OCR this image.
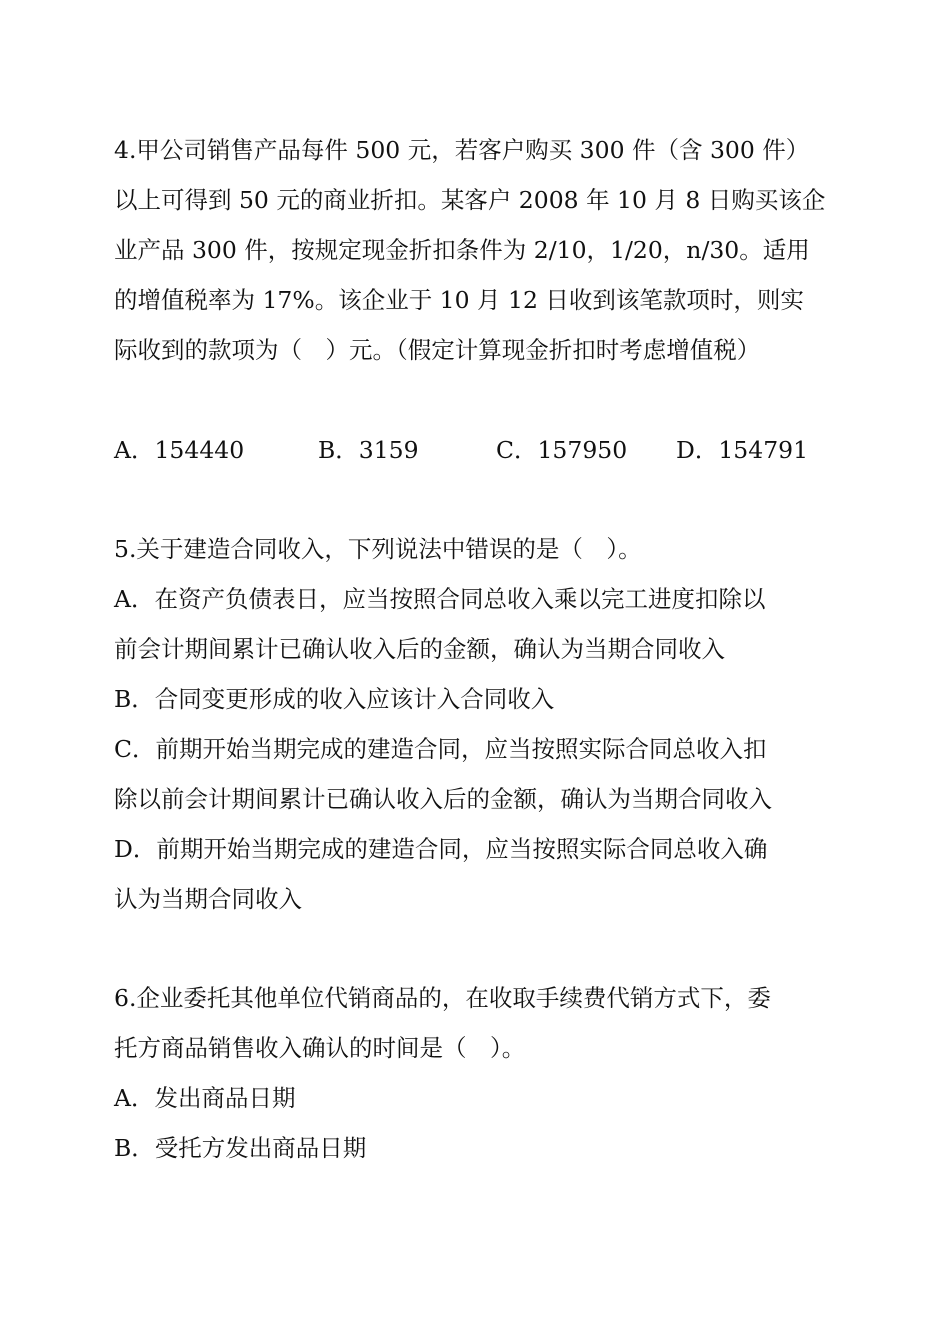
4.甲公司销售产品每件 500 元，若客户购买 300 件（含 300 件）
以上可得到 50 元的商业折扣。某客户 2008 年 10 月 8 日购买该企
业产品 300 件，按规定现金折扣条件为 2/10，1/20，n/30。适用
的增值税率为 17%。该企业于 10 月 12 日收到该笔款项时，则实
际收到的款项为（　）元。（假定计算现金折扣时考虑增值税）
A．154440	B．3159	C．157950 D．154791
5.关于建造合同收入，下列说法中错误的是（　）。
A．在资产负债表日，应当按照合同总收入乘以完工进度扣除以
前会计期间累计已确认收入后的金额，确认为当期合同收入
B．合同变更形成的收入应该计入合同收入
C．前期开始当期完成的建造合同，应当按照实际合同总收入扣
除以前会计期间累计已确认收入后的金额，确认为当期合同收入
D．前期开始当期完成的建造合同，应当按照实际合同总收入确
认为当期合同收入
6.企业委托其他单位代销商品的，在收取手续费代销方式下，委
托方商品销售收入确认的时间是（　）。
A．发出商品日期
B．受托方发出商品日期
